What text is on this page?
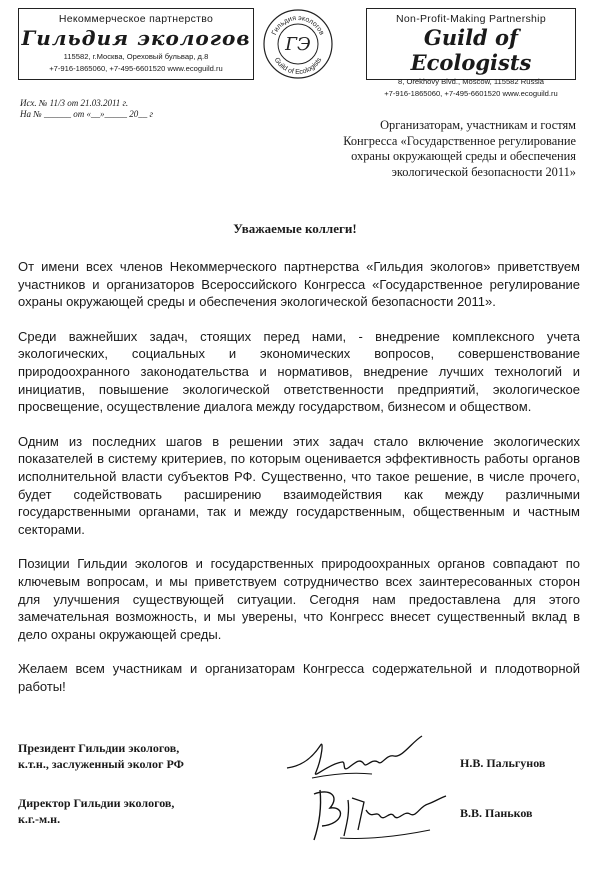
Некоммерческое партнерство
Гильдия экологов
115582, г.Москва, Ореховый бульвар, д.8
+7-916-1865060, +7-495-6601520 www.ecoguild.ru
Гильдия экологов
Guild of Ecologists
ГЭ
Non-Profit-Making Partnership
Guild of Ecologists
8, Orekhovy Blvd., Moscow, 115582 Russia
+7-916-1865060, +7-495-6601520 www.ecoguild.ru
Исх. № 11/3 от 21.03.2011 г.
На № ______ от «__»_____ 20__ г
Организаторам, участникам и гостям
Конгресса «Государственное регулирование
охраны окружающей среды и обеспечения
экологической безопасности 2011»
Уважаемые коллеги!

От имени всех членов Некоммерческого партнерства «Гильдия экологов» приветствуем участников и организаторов Всероссийского Конгресса «Государственное регулирование охраны окружающей среды и обеспечения экологической безопасности 2011».

Среди важнейших задач, стоящих перед нами, - внедрение комплексного учета экологических, социальных и экономических вопросов, совершенствование природоохранного законодательства и нормативов, внедрение лучших технологий и инициатив, повышение экологической ответственности предприятий, экологическое просвещение, осуществление диалога между государством, бизнесом и обществом.

Одним из последних шагов в решении этих задач стало включение экологических показателей в систему критериев, по которым оценивается эффективность работы органов исполнительной власти субъектов РФ. Существенно, что такое решение, в числе прочего, будет содействовать расширению взаимодействия как между различными государственными органами, так и между государственным, общественным и частным секторами.

Позиции Гильдии экологов и государственных природоохранных органов совпадают по ключевым вопросам, и мы приветствуем сотрудничество всех заинтересованных сторон для улучшения существующей ситуации. Сегодня нам предоставлена для этого замечательная возможность, и мы уверены, что Конгресс внесет существенный вклад в дело охраны окружающей среды.

Желаем всем участникам и организаторам Конгресса содержательной и плодотворной работы!

Президент Гильдии экологов,
к.т.н., заслуженный эколог РФ	Н.В. Пальгунов
Директор Гильдии экологов,
к.г.-м.н.	В.В. Паньков
